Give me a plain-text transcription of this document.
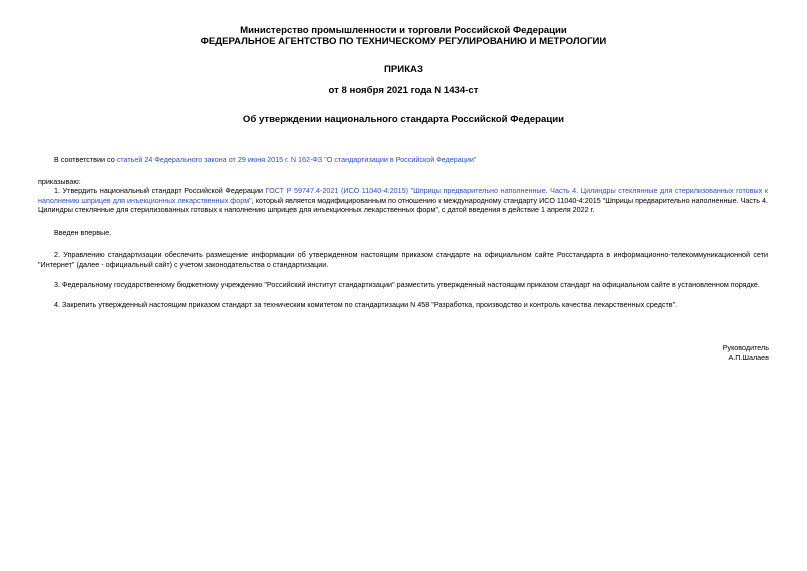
Министерство промышленности и торговли Российской Федерации
ФЕДЕРАЛЬНОЕ АГЕНТСТВО ПО ТЕХНИЧЕСКОМУ РЕГУЛИРОВАНИЮ И МЕТРОЛОГИИ
ПРИКАЗ
от 8 ноября 2021 года N 1434-ст
Об утверждении национального стандарта Российской Федерации
В соответствии со статьей 24 Федерального закона от 29 июня 2015 г. N 162-ФЗ "О стандартизации в Российской Федерации"
приказываю:
1. Утвердить национальный стандарт Российской Федерации ГОСТ Р 59747.4-2021 (ИСО 11040-4:2015) "Шприцы предварительно наполненные. Часть 4. Цилиндры стеклянные для стерилизованных готовых к наполнению шприцев для инъекционных лекарственных форм", который является модифицированным по отношению к международному стандарту ИСО 11040-4:2015 "Шприцы предварительно наполненные. Часть 4. Цилиндры стеклянные для стерилизованных готовых к наполнению шприцев для инъекционных лекарственных форм", с датой введения в действие 1 апреля 2022 г.
Введен впервые.
2. Управлению стандартизации обеспечить размещение информации об утвержденном настоящим приказом стандарте на официальном сайте Росстандарта в информационно-телекоммуникационной сети "Интернет" (далее - официальный сайт) с учетом законодательства о стандартизации.
3. Федеральному государственному бюджетному учреждению "Российский институт стандартизации" разместить утвержденный настоящим приказом стандарт на официальном сайте в установленном порядке.
4. Закрепить утвержденный настоящим приказом стандарт за техническим комитетом по стандартизации N 458 "Разработка, производство и контроль качества лекарственных средств".
Руководитель
А.П.Шалаев
